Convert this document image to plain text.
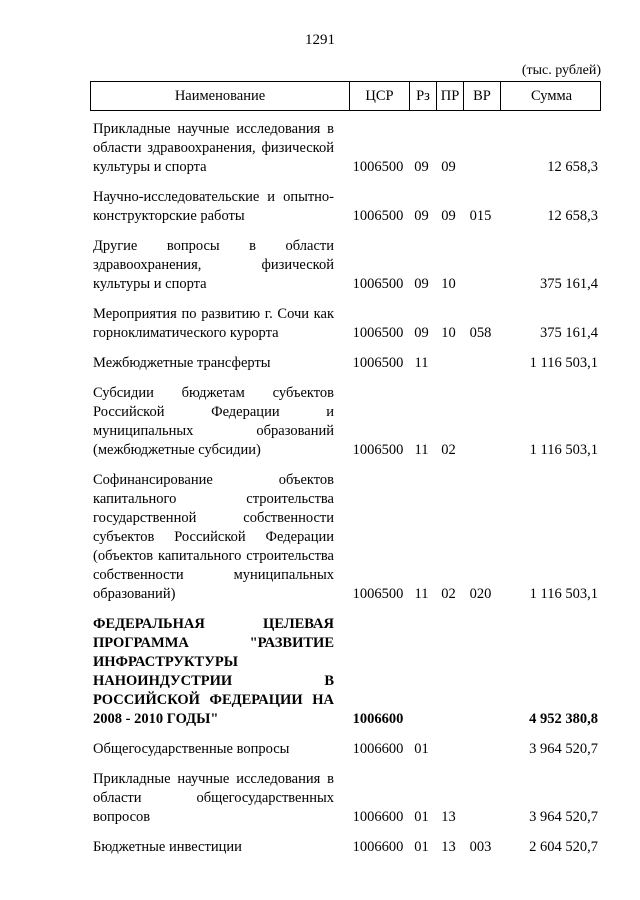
1291
(тыс. рублей)
Наименование	ЦСР	Рз ПР ВР	Сумма
Прикладные научные исследования в области здравоохранения, физической культуры и спорта	1006500 09 09	12 658,3
Научно-исследовательские и опытно-конструкторские работы	1006500 09 09 015	12 658,3
Другие вопросы в области здравоохранения, физической культуры и спорта	1006500 09 10	375 161,4
Мероприятия по развитию г. Сочи как горноклиматического курорта	1006500 09 10 058	375 161,4
Межбюджетные трансферты	1006500 11	1 116 503,1
Субсидии бюджетам субъектов Российской Федерации и муниципальных образований (межбюджетные субсидии)	1006500 11 02	1 116 503,1
Софинансирование объектов капитального строительства государственной собственности субъектов Российской Федерации (объектов капитального строительства собственности муниципальных образований)	1006500 11 02 020	1 116 503,1
ФЕДЕРАЛЬНАЯ ЦЕЛЕВАЯ ПРОГРАММА "РАЗВИТИЕ ИНФРАСТРУКТУРЫ НАНОИНДУСТРИИ В РОССИЙСКОЙ ФЕДЕРАЦИИ НА 2008 - 2010 ГОДЫ"	1006600	4 952 380,8
Общегосударственные вопросы	1006600 01	3 964 520,7
Прикладные научные исследования в области общегосударственных вопросов	1006600 01 13	3 964 520,7
Бюджетные инвестиции	1006600 01 13 003	2 604 520,7
